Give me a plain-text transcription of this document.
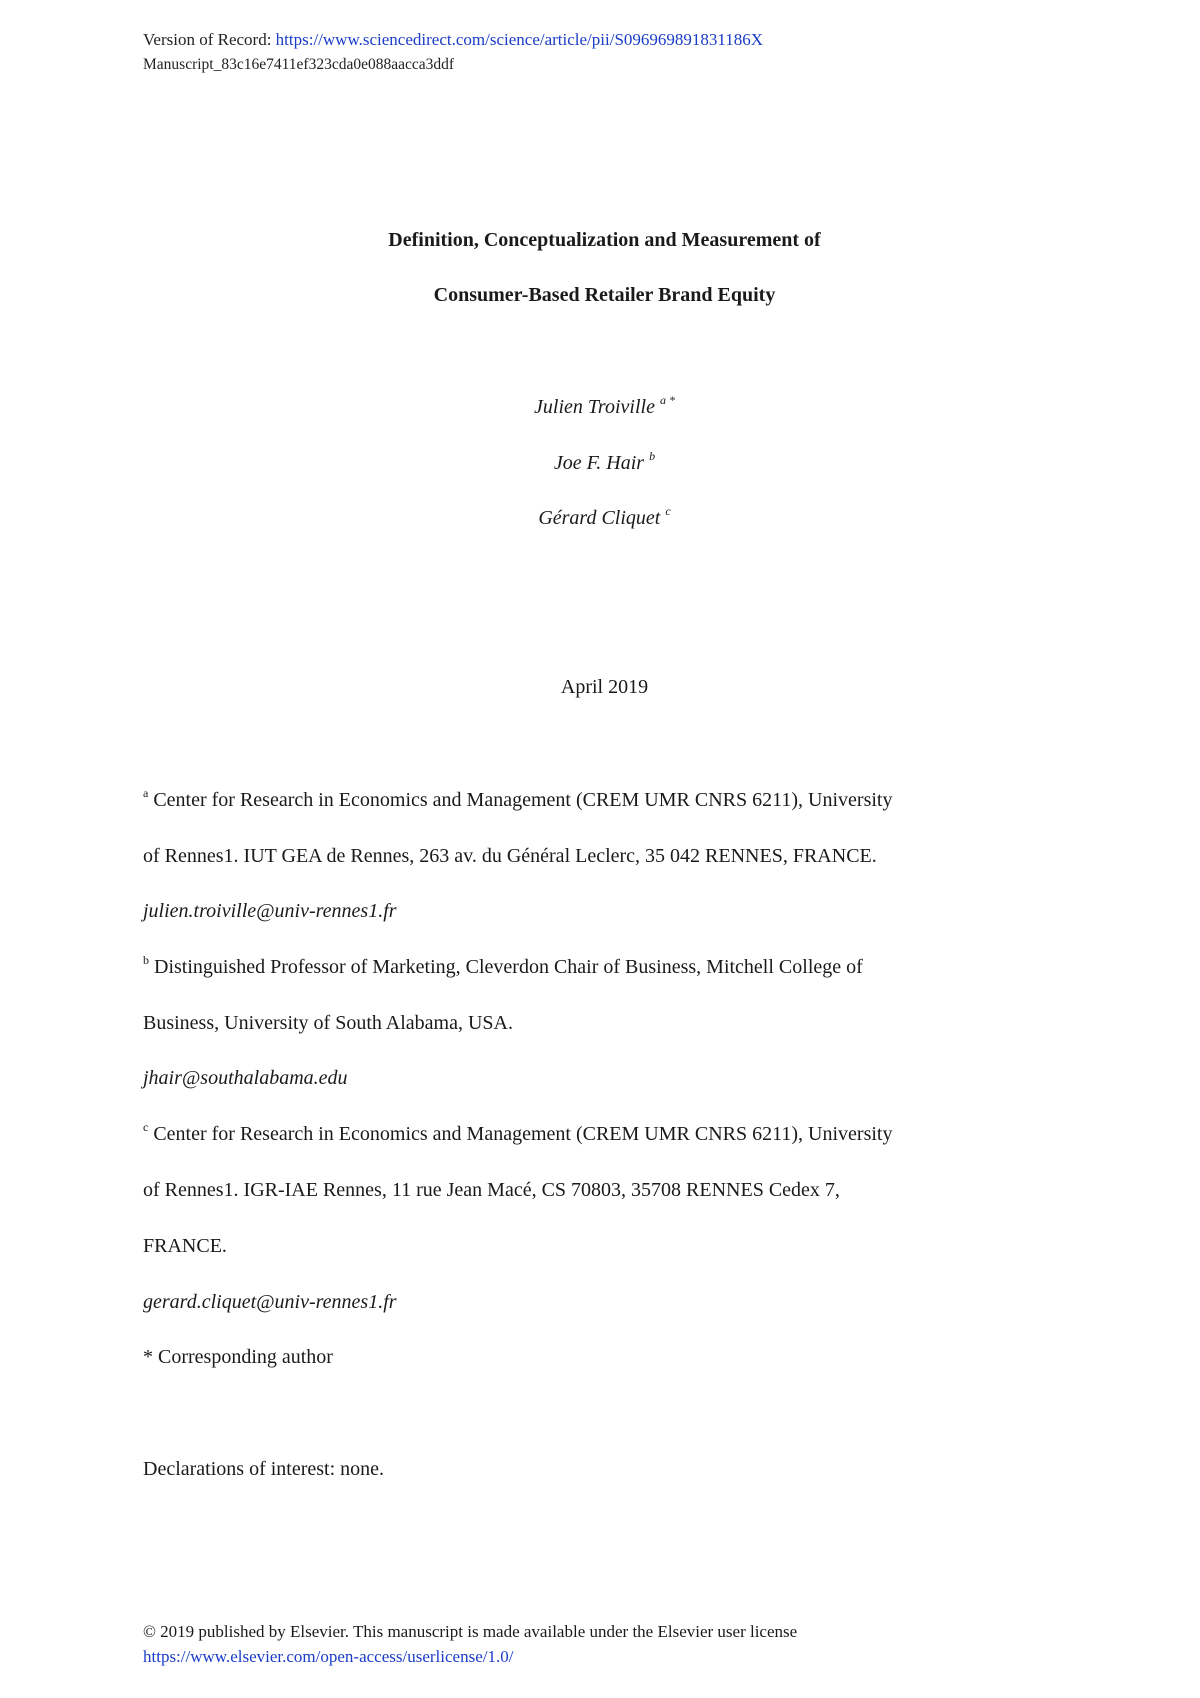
Version of Record: https://www.sciencedirect.com/science/article/pii/S096969891831186X
Manuscript_83c16e7411ef323cda0e088aacca3ddf
Definition, Conceptualization and Measurement of
Consumer-Based Retailer Brand Equity
Julien Troiville $^{a *}$
Joe F. Hair $^b$
Gérard Cliquet $^c$
April 2019
$^a$ Center for Research in Economics and Management (CREM UMR CNRS 6211), University
of Rennes1. IUT GEA de Rennes, 263 av. du Général Leclerc, 35 042 RENNES, FRANCE.
julien.troiville@univ-rennes1.fr
$^b$ Distinguished Professor of Marketing, Cleverdon Chair of Business, Mitchell College of
Business, University of South Alabama, USA.
jhair@southalabama.edu
$^c$ Center for Research in Economics and Management (CREM UMR CNRS 6211), University
of Rennes1. IGR-IAE Rennes, 11 rue Jean Macé, CS 70803, 35708 RENNES Cedex 7,
FRANCE.
gerard.cliquet@univ-rennes1.fr
* Corresponding author
Declarations of interest: none.
© 2019 published by Elsevier. This manuscript is made available under the Elsevier user license
https://www.elsevier.com/open-access/userlicense/1.0/
